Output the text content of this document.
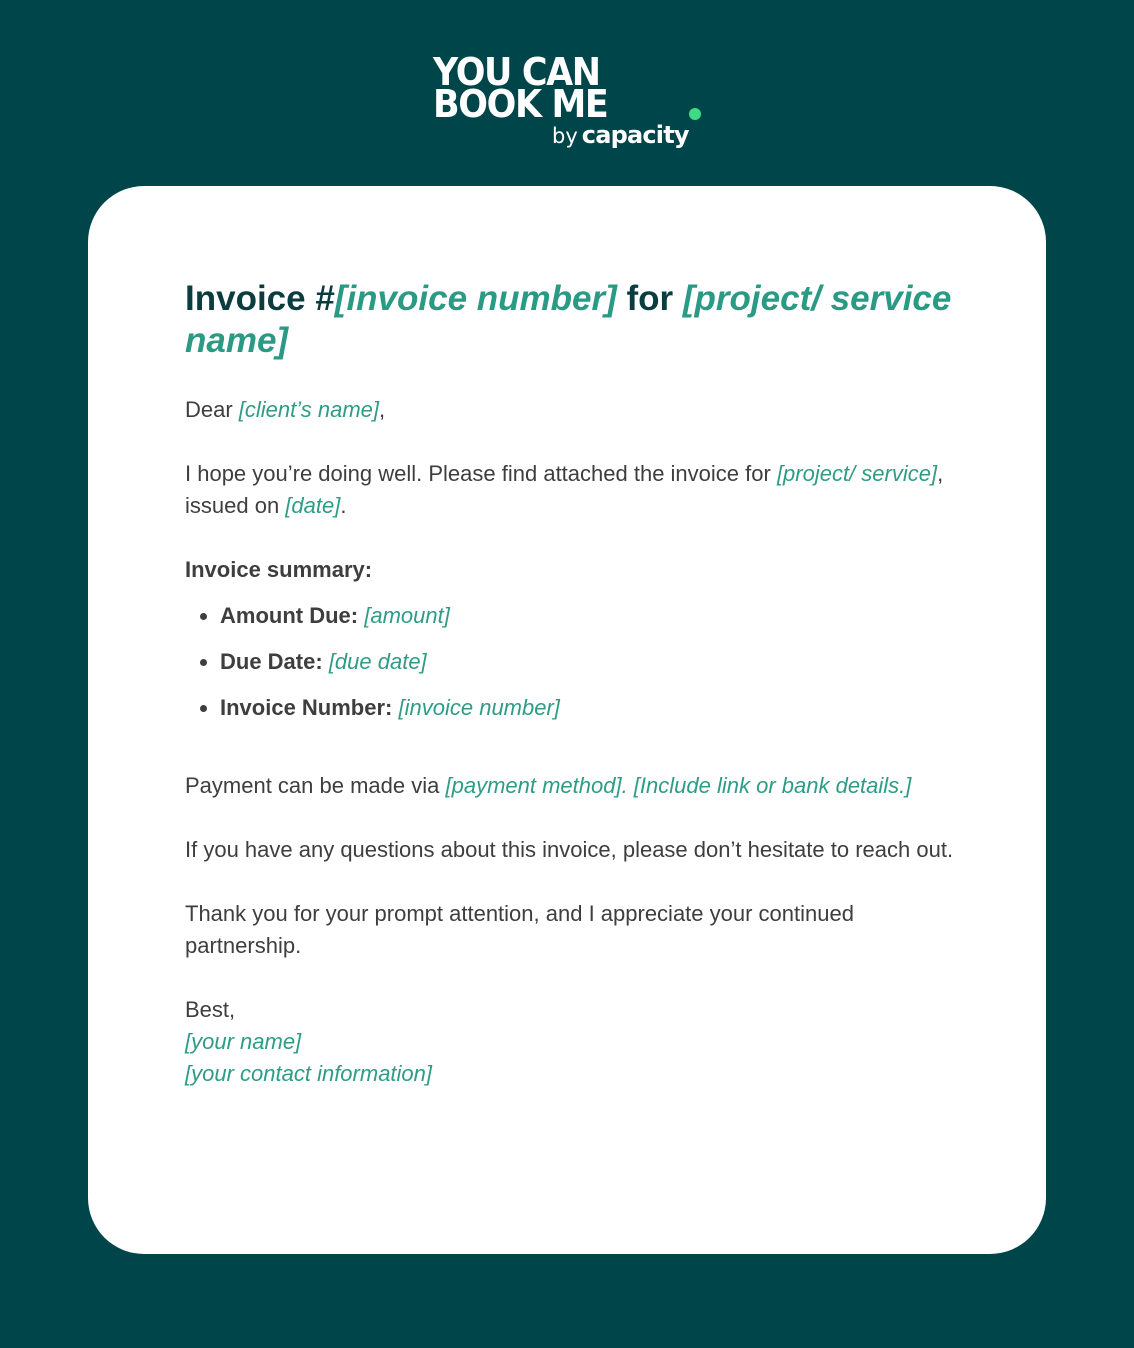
YOU CAN
BOOK ME
by capacity
Invoice #[invoice number] for [project/ service name]

Dear [client’s name],

I hope you’re doing well. Please find attached the invoice for [project/ service], issued on [date].

Invoice summary:

• Amount Due: [amount]
• Due Date: [due date]
• Invoice Number: [invoice number]

Payment can be made via [payment method]. [Include link or bank details.]

If you have any questions about this invoice, please don’t hesitate to reach out.

Thank you for your prompt attention, and I appreciate your continued partnership.

Best,
[your name]
[your contact information]
